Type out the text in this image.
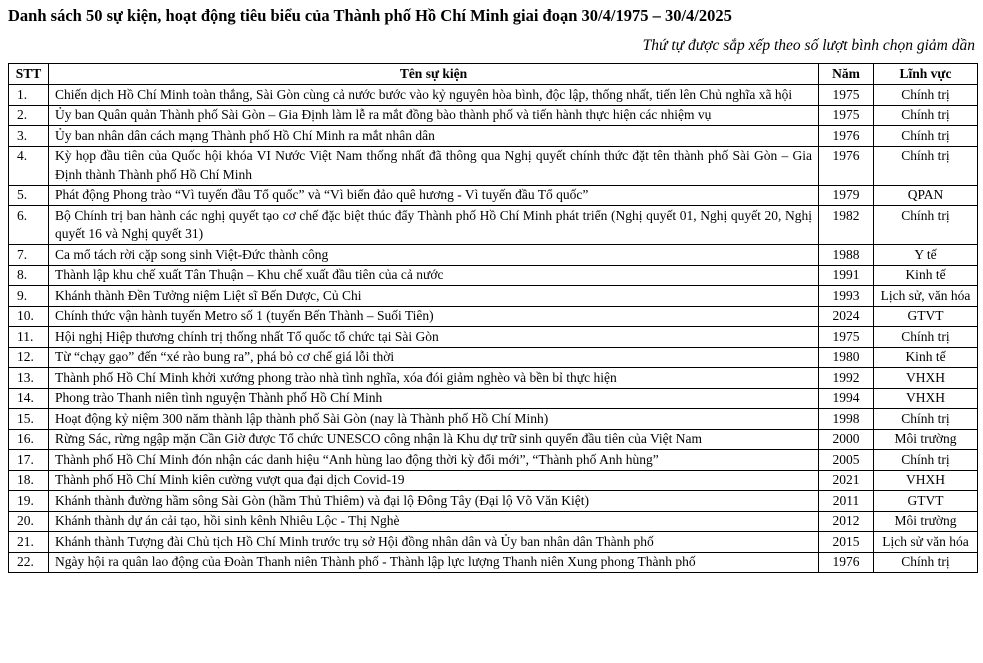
Danh sách 50 sự kiện, hoạt động tiêu biểu của Thành phố Hồ Chí Minh giai đoạn 30/4/1975 – 30/4/2025

Thứ tự được sắp xếp theo số lượt bình chọn giảm dần

STT	Tên sự kiện	Năm	Lĩnh vực
1.	Chiến dịch Hồ Chí Minh toàn thắng, Sài Gòn cùng cả nước bước vào kỷ nguyên hòa bình, độc lập, thống nhất, tiến lên Chủ nghĩa xã hội	1975	Chính trị
2.	Ủy ban Quân quản Thành phố Sài Gòn – Gia Định làm lễ ra mắt đồng bào thành phố và tiến hành thực hiện các nhiệm vụ	1975	Chính trị
3.	Ủy ban nhân dân cách mạng Thành phố Hồ Chí Minh ra mắt nhân dân	1976	Chính trị
4.	Kỳ họp đầu tiên của Quốc hội khóa VI Nước Việt Nam thống nhất đã thông qua Nghị quyết chính thức đặt tên thành phố Sài Gòn – Gia Định thành Thành phố Hồ Chí Minh	1976	Chính trị
5.	Phát động Phong trào “Vì tuyến đầu Tổ quốc” và “Vì biển đảo quê hương - Vì tuyến đầu Tổ quốc”	1979	QPAN
6.	Bộ Chính trị ban hành các nghị quyết tạo cơ chế đặc biệt thúc đẩy Thành phố Hồ Chí Minh phát triển (Nghị quyết 01, Nghị quyết 20, Nghị quyết 16 và Nghị quyết 31)	1982	Chính trị
7.	Ca mổ tách rời cặp song sinh Việt-Đức thành công	1988	Y tế
8.	Thành lập khu chế xuất Tân Thuận – Khu chế xuất đầu tiên của cả nước	1991	Kinh tế
9.	Khánh thành Đền Tưởng niệm Liệt sĩ Bến Dược, Củ Chi	1993	Lịch sử, văn hóa
10.	Chính thức vận hành tuyến Metro số 1 (tuyến Bến Thành – Suối Tiên)	2024	GTVT
11.	Hội nghị Hiệp thương chính trị thống nhất Tổ quốc tổ chức tại Sài Gòn	1975	Chính trị
12.	Từ “chạy gạo” đến “xé rào bung ra”, phá bỏ cơ chế giá lỗi thời	1980	Kinh tế
13.	Thành phố Hồ Chí Minh khởi xướng phong trào nhà tình nghĩa, xóa đói giảm nghèo và bền bỉ thực hiện	1992	VHXH
14.	Phong trào Thanh niên tình nguyện Thành phố Hồ Chí Minh	1994	VHXH
15.	Hoạt động kỷ niệm 300 năm thành lập thành phố Sài Gòn (nay là Thành phố Hồ Chí Minh)	1998	Chính trị
16.	Rừng Sác, rừng ngập mặn Cần Giờ được Tổ chức UNESCO công nhận là Khu dự trữ sinh quyển đầu tiên của Việt Nam	2000	Môi trường
17.	Thành phố Hồ Chí Minh đón nhận các danh hiệu “Anh hùng lao động thời kỳ đổi mới”, “Thành phố Anh hùng”	2005	Chính trị
18.	Thành phố Hồ Chí Minh kiên cường vượt qua đại dịch Covid-19	2021	VHXH
19.	Khánh thành đường hầm sông Sài Gòn (hầm Thủ Thiêm) và đại lộ Đông Tây (Đại lộ Võ Văn Kiệt)	2011	GTVT
20.	Khánh thành dự án cải tạo, hồi sinh kênh Nhiêu Lộc - Thị Nghè	2012	Môi trường
21.	Khánh thành Tượng đài Chủ tịch Hồ Chí Minh trước trụ sở Hội đồng nhân dân và Ủy ban nhân dân Thành phố	2015	Lịch sử văn hóa
22.	Ngày hội ra quân lao động của Đoàn Thanh niên Thành phố - Thành lập lực lượng Thanh niên Xung phong Thành phố	1976	Chính trị
